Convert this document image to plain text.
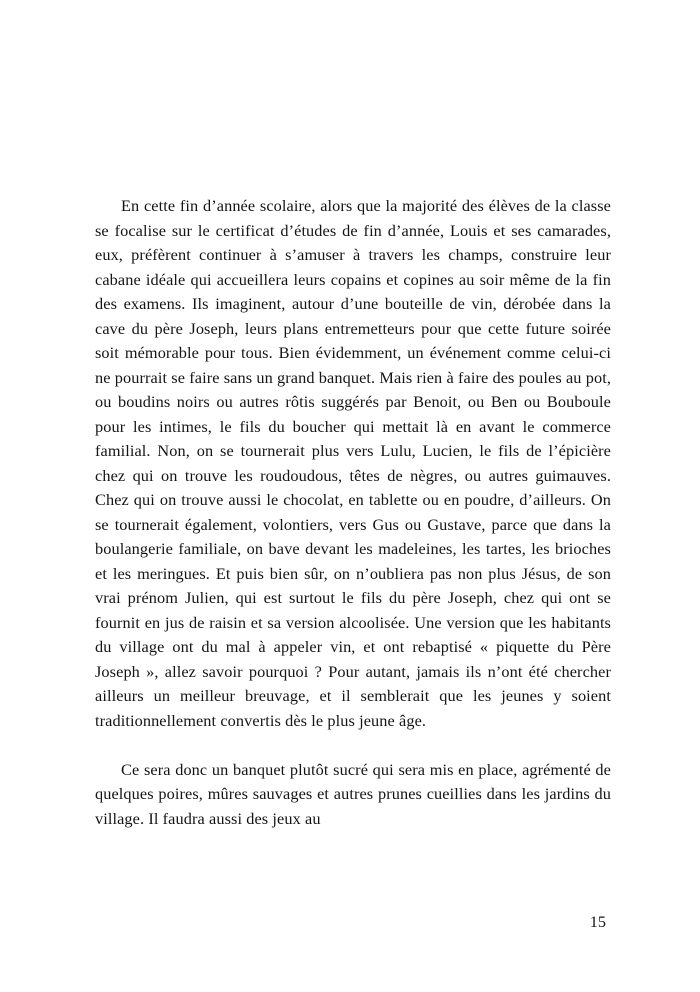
En cette fin d’année scolaire, alors que la majorité des élèves de la classe se focalise sur le certificat d’études de fin d’année, Louis et ses camarades, eux, préfèrent continuer à s’amuser à travers les champs, construire leur cabane idéale qui accueillera leurs copains et copines au soir même de la fin des examens. Ils imaginent, autour d’une bouteille de vin, dérobée dans la cave du père Joseph, leurs plans entremetteurs pour que cette future soirée soit mémorable pour tous. Bien évidemment, un événement comme celui-ci ne pourrait se faire sans un grand banquet. Mais rien à faire des poules au pot, ou boudins noirs ou autres rôtis suggérés par Benoit, ou Ben ou Bouboule pour les intimes, le fils du boucher qui mettait là en avant le commerce familial. Non, on se tournerait plus vers Lulu, Lucien, le fils de l’épicière chez qui on trouve les roudoudous, têtes de nègres, ou autres guimauves. Chez qui on trouve aussi le chocolat, en tablette ou en poudre, d’ailleurs. On se tournerait également, volontiers, vers Gus ou Gustave, parce que dans la boulangerie familiale, on bave devant les madeleines, les tartes, les brioches et les meringues. Et puis bien sûr, on n’oubliera pas non plus Jésus, de son vrai prénom Julien, qui est surtout le fils du père Joseph, chez qui ont se fournit en jus de raisin et sa version alcoolisée. Une version que les habitants du village ont du mal à appeler vin, et ont rebaptisé « piquette du Père Joseph », allez savoir pourquoi ? Pour autant, jamais ils n’ont été chercher ailleurs un meilleur breuvage, et il semblerait que les jeunes y soient traditionnellement convertis dès le plus jeune âge.

Ce sera donc un banquet plutôt sucré qui sera mis en place, agrémenté de quelques poires, mûres sauvages et autres prunes cueillies dans les jardins du village. Il faudra aussi des jeux au

15
